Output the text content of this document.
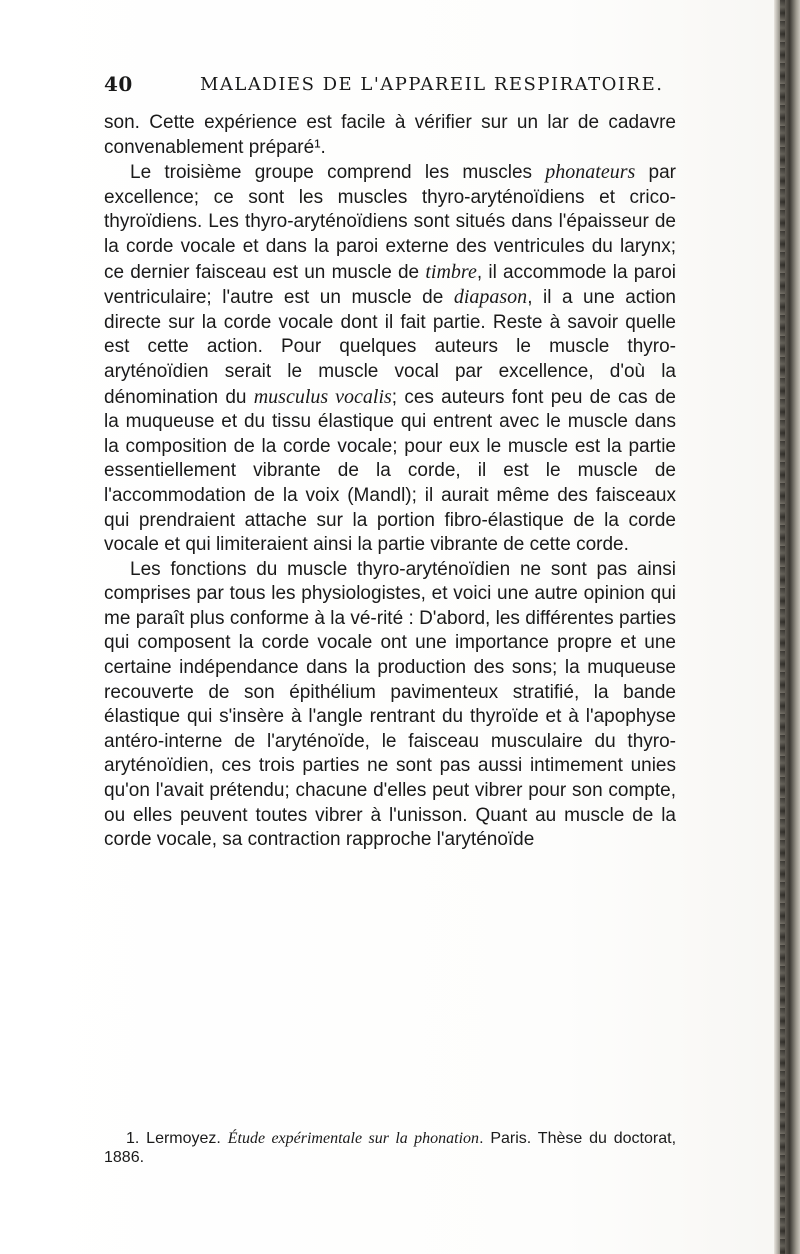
40	MALADIES DE L'APPAREIL RESPIRATOIRE.

son. Cette expérience est facile à vérifier sur un lar de cadavre convenablement préparé¹.

Le troisième groupe comprend les muscles phonateurs par excellence; ce sont les muscles thyro-aryténoïdiens et crico-thyroïdiens. Les thyro-aryténoïdiens sont situés dans l'épaisseur de la corde vocale et dans la paroi externe des ventricules du larynx; ce dernier faisceau est un muscle de timbre, il accommode la paroi ventriculaire; l'autre est un muscle de diapason, il a une action directe sur la corde vocale dont il fait partie. Reste à savoir quelle est cette action. Pour quelques auteurs le muscle thyro-aryténoïdien serait le muscle vocal par excellence, d'où la dénomination du musculus vocalis; ces auteurs font peu de cas de la muqueuse et du tissu élastique qui entrent avec le muscle dans la composition de la corde vocale; pour eux le muscle est la partie essentiellement vibrante de la corde, il est le muscle de l'accommodation de la voix (Mandl); il aurait même des faisceaux qui prendraient attache sur la portion fibro-élastique de la corde vocale et qui limiteraient ainsi la partie vibrante de cette corde.

Les fonctions du muscle thyro-aryténoïdien ne sont pas ainsi comprises par tous les physiologistes, et voici une autre opinion qui me paraît plus conforme à la vé-rité : D'abord, les différentes parties qui composent la corde vocale ont une importance propre et une certaine indépendance dans la production des sons; la muqueuse recouverte de son épithélium pavimenteux stratifié, la bande élastique qui s'insère à l'angle rentrant du thyroïde et à l'apophyse antéro-interne de l'aryténoïde, le faisceau musculaire du thyro-aryténoïdien, ces trois parties ne sont pas aussi intimement unies qu'on l'avait prétendu; chacune d'elles peut vibrer pour son compte, ou elles peuvent toutes vibrer à l'unisson. Quant au muscle de la corde vocale, sa contraction rapproche l'aryténoïde

1. Lermoyez. Étude expérimentale sur la phonation. Paris. Thèse du doctorat, 1886.
